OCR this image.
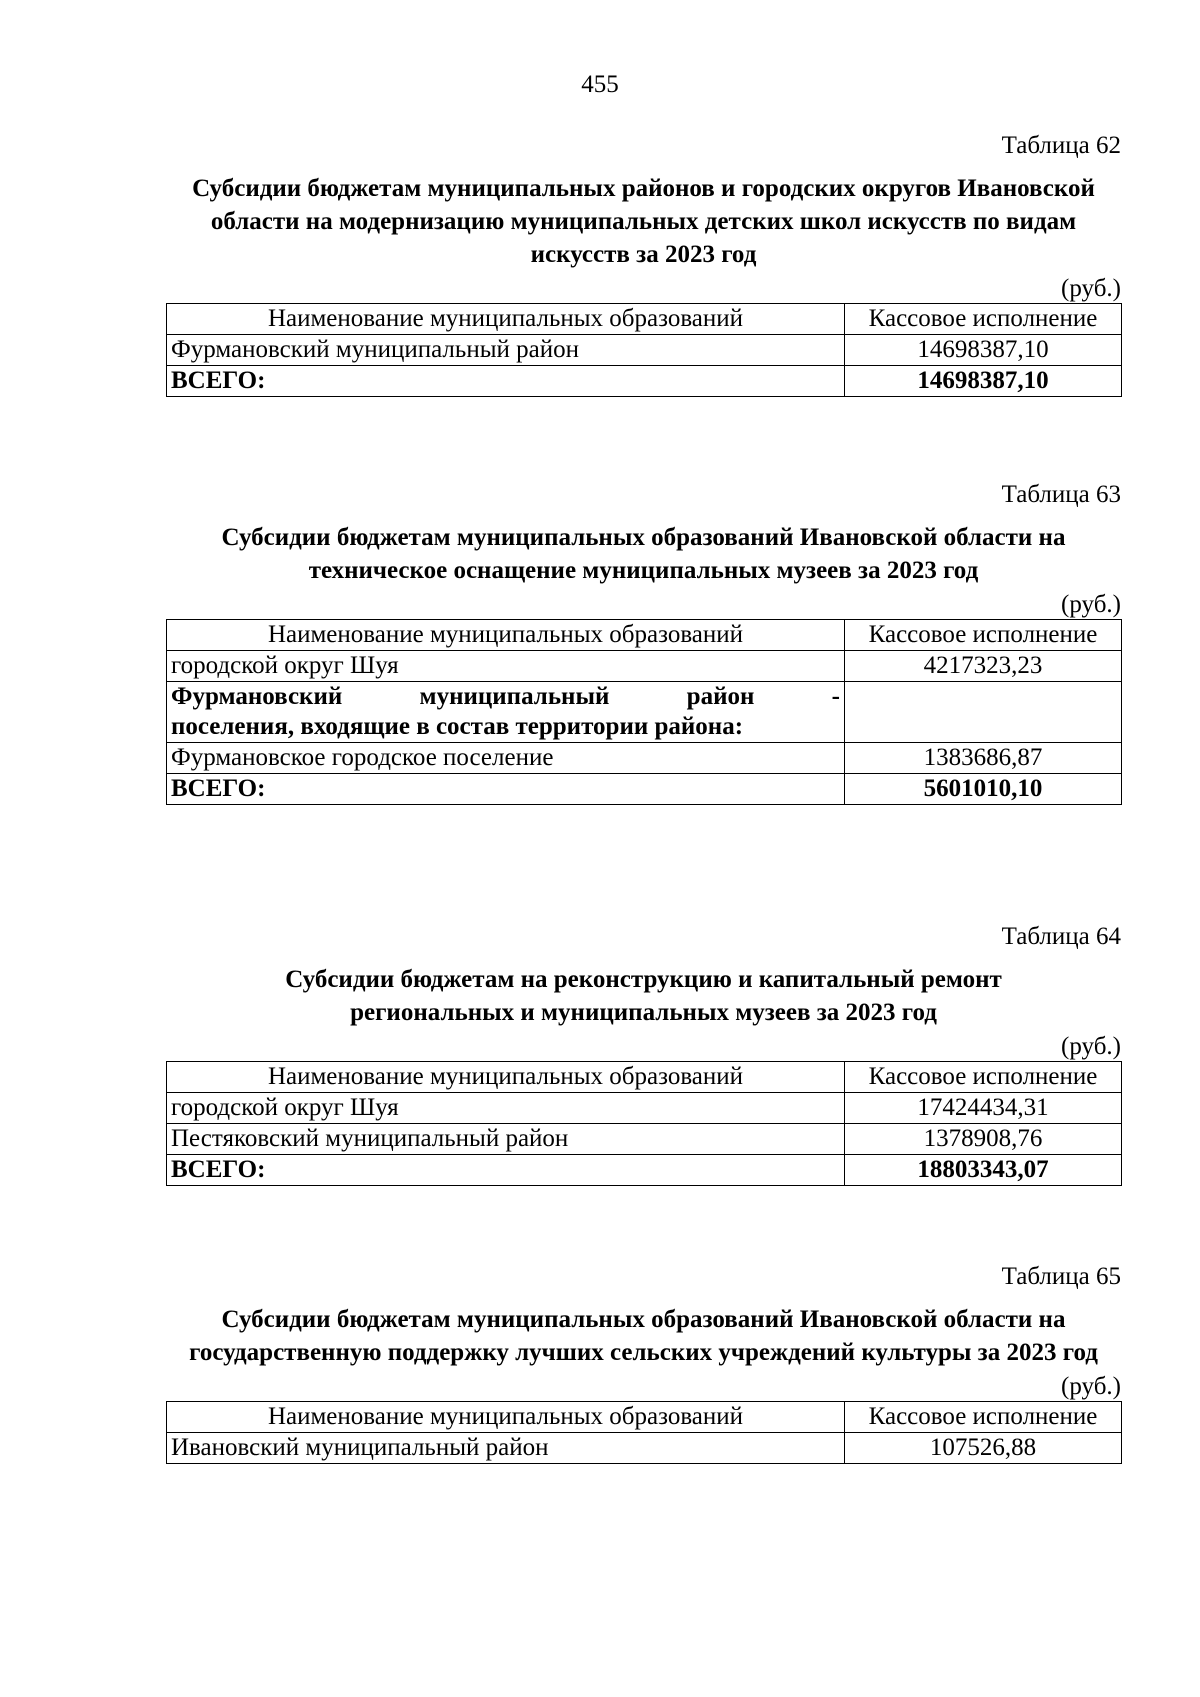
455
Таблица 62
Субсидии бюджетам муниципальных районов и городских округов Ивановской области на модернизацию муниципальных детских школ искусств по видам искусств за 2023 год
(руб.)
Наименование муниципальных образований	Кассовое исполнение
Фурмановский муниципальный район	14698387,10
ВСЕГО:	14698387,10
Таблица 63
Субсидии бюджетам муниципальных образований Ивановской области на техническое оснащение муниципальных музеев за 2023 год
(руб.)
Наименование муниципальных образований	Кассовое исполнение
городской округ Шуя	4217323,23

Фурмановский муниципальный район -
поселения, входящие в состав территории района:	

Фурмановское городское поселение	1383686,87
ВСЕГО:	5601010,10
Таблица 64
Субсидии бюджетам на реконструкцию и капитальный ремонт региональных и муниципальных музеев за 2023 год
(руб.)
Наименование муниципальных образований	Кассовое исполнение
городской округ Шуя	17424434,31
Пестяковский муниципальный район	1378908,76
ВСЕГО:	18803343,07
Таблица 65
Субсидии бюджетам муниципальных образований Ивановской области на государственную поддержку лучших сельских учреждений культуры за 2023 год
(руб.)
Наименование муниципальных образований	Кассовое исполнение
Ивановский муниципальный район	107526,88
